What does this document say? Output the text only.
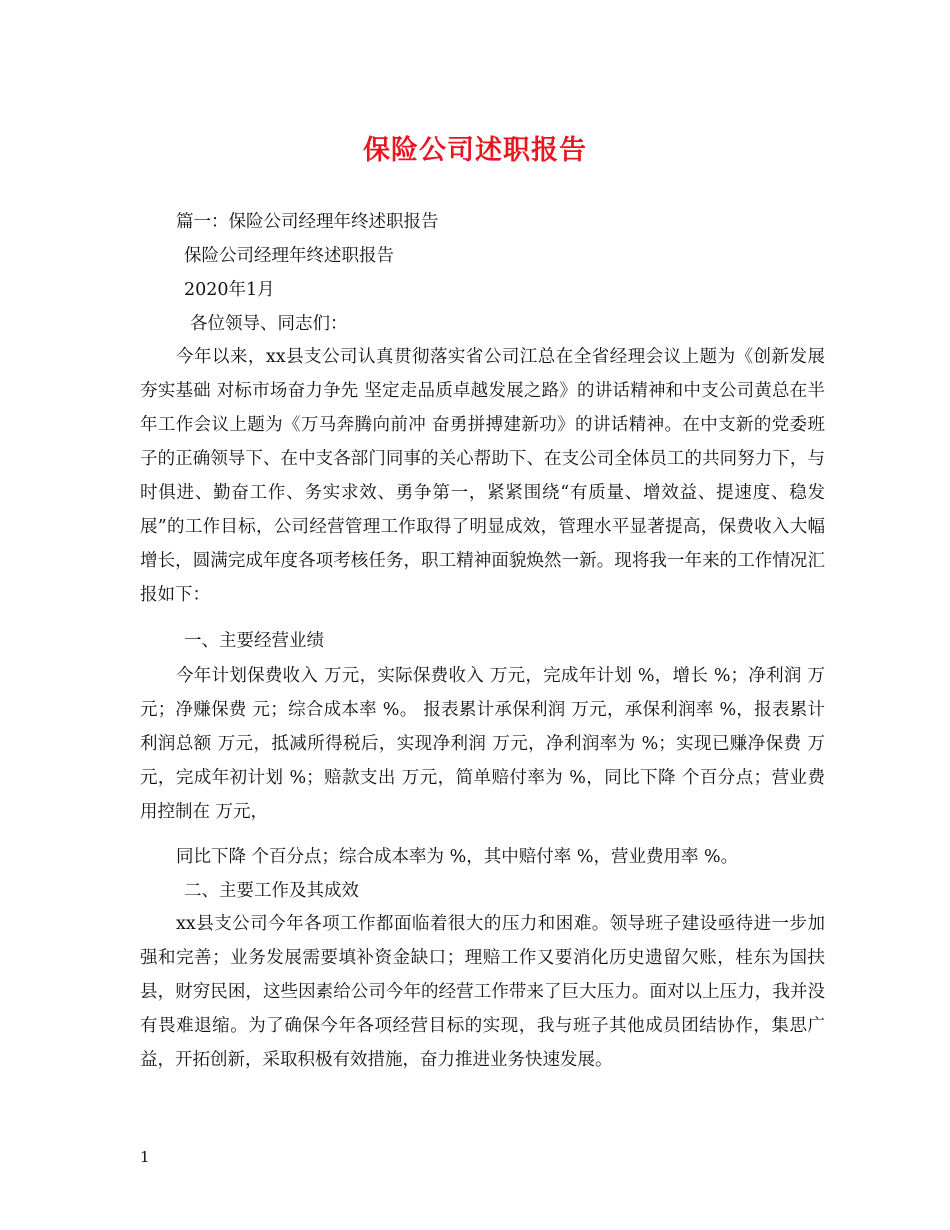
保险公司述职报告
篇一：保险公司经理年终述职报告
保险公司经理年终述职报告
2020年1月
各位领导、同志们：
今年以来，xx县支公司认真贯彻落实省公司江总在全省经理会议上题为《创新发展夯实基础 对标市场奋力争先 坚定走品质卓越发展之路》的讲话精神和中支公司黄总在半年工作会议上题为《万马奔腾向前冲 奋勇拼搏建新功》的讲话精神。在中支新的党委班子的正确领导下、在中支各部门同事的关心帮助下、在支公司全体员工的共同努力下，与时俱进、勤奋工作、务实求效、勇争第一，紧紧围绕“有质量、增效益、提速度、稳发展”的工作目标，公司经营管理工作取得了明显成效，管理水平显著提高，保费收入大幅增长，圆满完成年度各项考核任务，职工精神面貌焕然一新。现将我一年来的工作情况汇报如下：
一、主要经营业绩
今年计划保费收入 万元，实际保费收入 万元，完成年计划 %，增长 %；净利润 万元；净赚保费 元；综合成本率 %。 报表累计承保利润 万元，承保利润率 %，报表累计利润总额 万元，抵减所得税后，实现净利润 万元，净利润率为 %；实现已赚净保费 万元，完成年初计划 %；赔款支出 万元，简单赔付率为 %，同比下降 个百分点；营业费用控制在 万元，
同比下降 个百分点；综合成本率为 %，其中赔付率 %，营业费用率 %。
二、主要工作及其成效
xx县支公司今年各项工作都面临着很大的压力和困难。领导班子建设亟待进一步加强和完善；业务发展需要填补资金缺口；理赔工作又要消化历史遗留欠账，桂东为国扶县，财穷民困，这些因素给公司今年的经营工作带来了巨大压力。面对以上压力，我并没有畏难退缩。为了确保今年各项经营目标的实现，我与班子其他成员团结协作，集思广益，开拓创新，采取积极有效措施，奋力推进业务快速发展。
1
